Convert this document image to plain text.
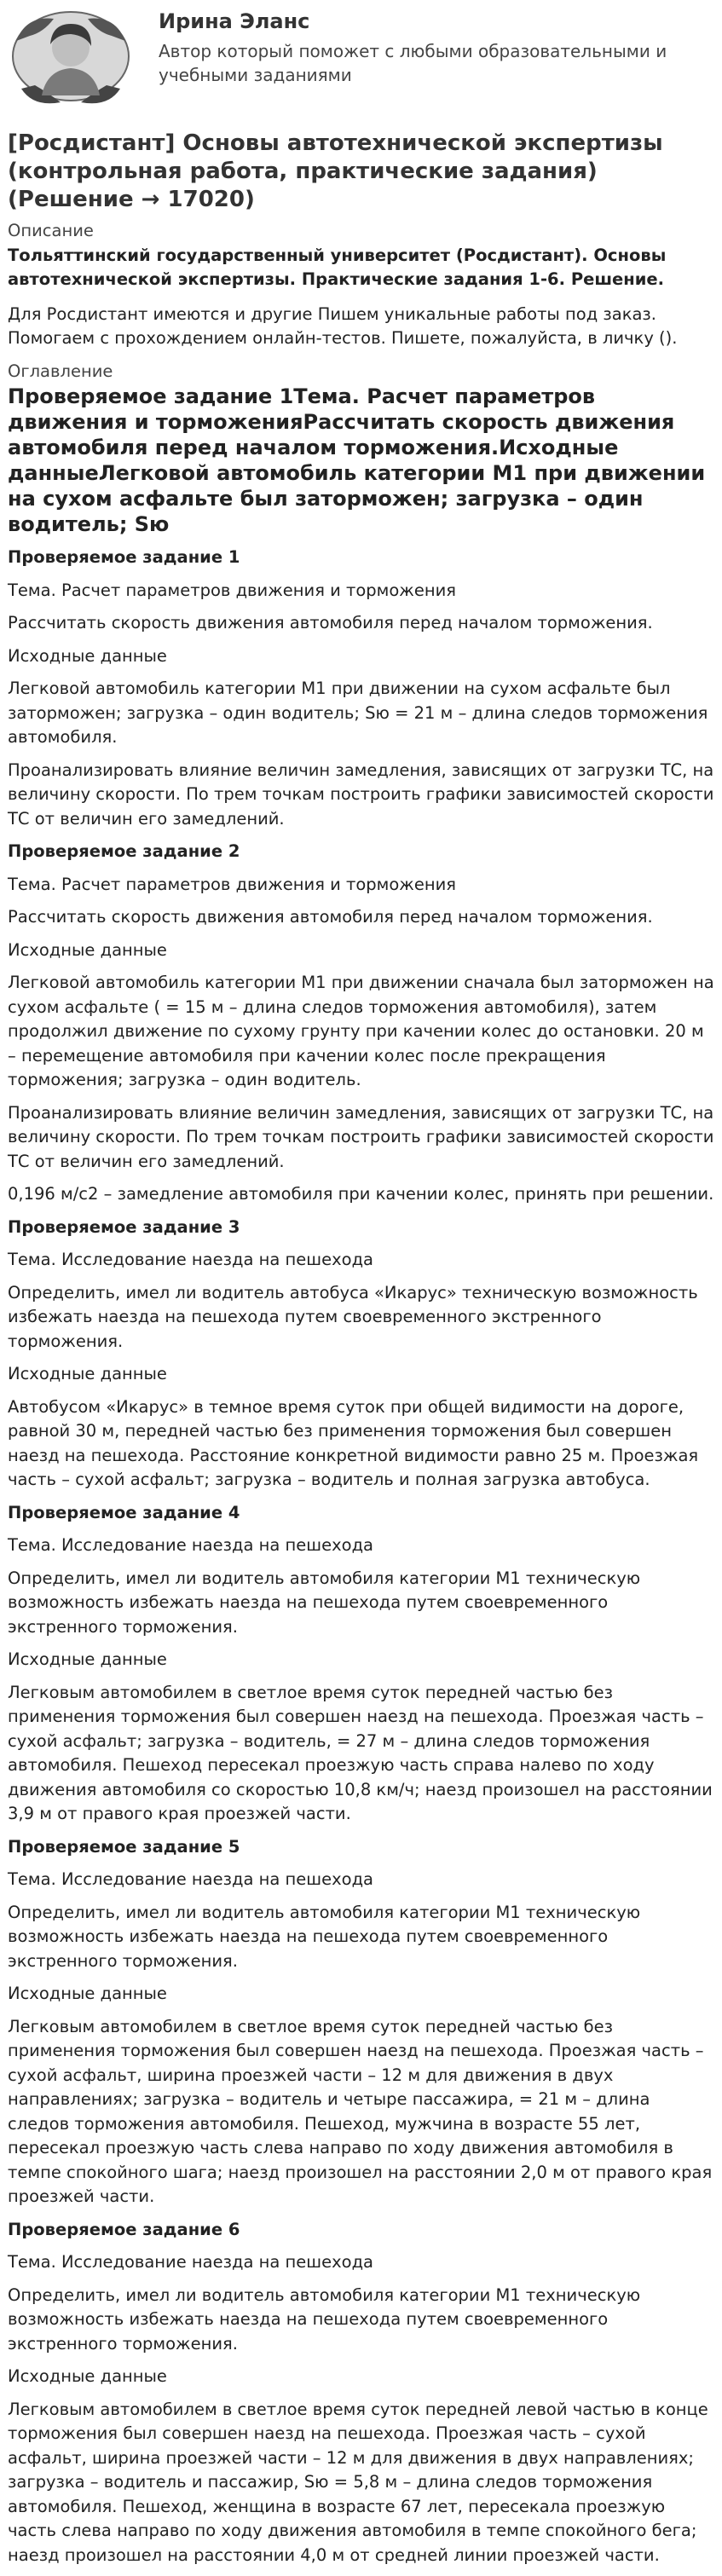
Ирина Эланс
Автор который поможет с любыми образовательными и учебными заданиями
[Росдистант] Основы автотехнической экспертизы (контрольная работа, практические задания) (Решение → 17020)
Описание
Тольяттинский государственный университет (Росдистант). Основы автотехнической экспертизы. Практические задания 1-6. Решение.

Для Росдистант имеются и другие Пишем уникальные работы под заказ. Помогаем с прохождением онлайн-тестов. Пишете, пожалуйста, в личку ().

Оглавление
Проверяемое задание 1Тема. Расчет параметров движения и торможенияРассчитать скорость движения автомобиля перед началом торможения.Исходные данныеЛегковой автомобиль категории M1 при движении на сухом асфальте был заторможен; загрузка – один водитель; Sю
Проверяемое задание 1

Тема. Расчет параметров движения и торможения

Рассчитать скорость движения автомобиля перед началом торможения.

Исходные данные

Легковой автомобиль категории M1 при движении на сухом асфальте был заторможен; загрузка – один водитель; Sю = 21 м – длина следов торможения автомобиля.

Проанализировать влияние величин замедления, зависящих от загрузки ТС, на величину скорости. По трем точкам построить графики зависимостей скорости ТС от величин его замедлений.

Проверяемое задание 2

Тема. Расчет параметров движения и торможения

Рассчитать скорость движения автомобиля перед началом торможения.

Исходные данные

Легковой автомобиль категории M1 при движении сначала был заторможен на сухом асфальте ( = 15 м – длина следов торможения автомобиля), затем продолжил движение по сухому грунту при качении колес до остановки. 20 м – перемещение автомобиля при качении колес после прекращения торможения; загрузка – один водитель.

Проанализировать влияние величин замедления, зависящих от загрузки ТС, на величину скорости. По трем точкам построить графики зависимостей скорости ТС от величин его замедлений.

0,196 м/с2 – замедление автомобиля при качении колес, принять при решении.

Проверяемое задание 3

Тема. Исследование наезда на пешехода

Определить, имел ли водитель автобуса «Икарус» техническую возможность избежать наезда на пешехода путем своевременного экстренного торможения.

Исходные данные

Автобусом «Икарус» в темное время суток при общей видимости на дороге, равной 30 м, передней частью без применения торможения был совершен наезд на пешехода. Расстояние конкретной видимости равно 25 м. Проезжая часть – сухой асфальт; загрузка – водитель и полная загрузка автобуса.

Проверяемое задание 4

Тема. Исследование наезда на пешехода

Определить, имел ли водитель автомобиля категории M1 техническую возможность избежать наезда на пешехода путем своевременного экстренного торможения.

Исходные данные

Легковым автомобилем в светлое время суток передней частью без применения торможения был совершен наезд на пешехода. Проезжая часть – сухой асфальт; загрузка – водитель, = 27 м – длина следов торможения автомобиля. Пешеход пересекал проезжую часть справа налево по ходу движения автомобиля со скоростью 10,8 км/ч; наезд произошел на расстоянии 3,9 м от правого края проезжей части.

Проверяемое задание 5

Тема. Исследование наезда на пешехода

Определить, имел ли водитель автомобиля категории M1 техническую возможность избежать наезда на пешехода путем своевременного экстренного торможения.

Исходные данные

Легковым автомобилем в светлое время суток передней частью без применения торможения был совершен наезд на пешехода. Проезжая часть – сухой асфальт, ширина проезжей части – 12 м для движения в двух направлениях; загрузка – водитель и четыре пассажира, = 21 м – длина следов торможения автомобиля. Пешеход, мужчина в возрасте 55 лет, пересекал проезжую часть слева направо по ходу движения автомобиля в темпе спокойного шага; наезд произошел на расстоянии 2,0 м от правого края проезжей части.

Проверяемое задание 6

Тема. Исследование наезда на пешехода

Определить, имел ли водитель автомобиля категории M1 техническую возможность избежать наезда на пешехода путем своевременного экстренного торможения.

Исходные данные

Легковым автомобилем в светлое время суток передней левой частью в конце торможения был совершен наезд на пешехода. Проезжая часть – сухой асфальт, ширина проезжей части – 12 м для движения в двух направлениях; загрузка – водитель и пассажир, Sю = 5,8 м – длина следов торможения автомобиля. Пешеход, женщина в возрасте 67 лет, пересекала проезжую часть слева направо по ходу движения автомобиля в темпе спокойного бега; наезд произошел на расстоянии 4,0 м от средней линии проезжей части.
